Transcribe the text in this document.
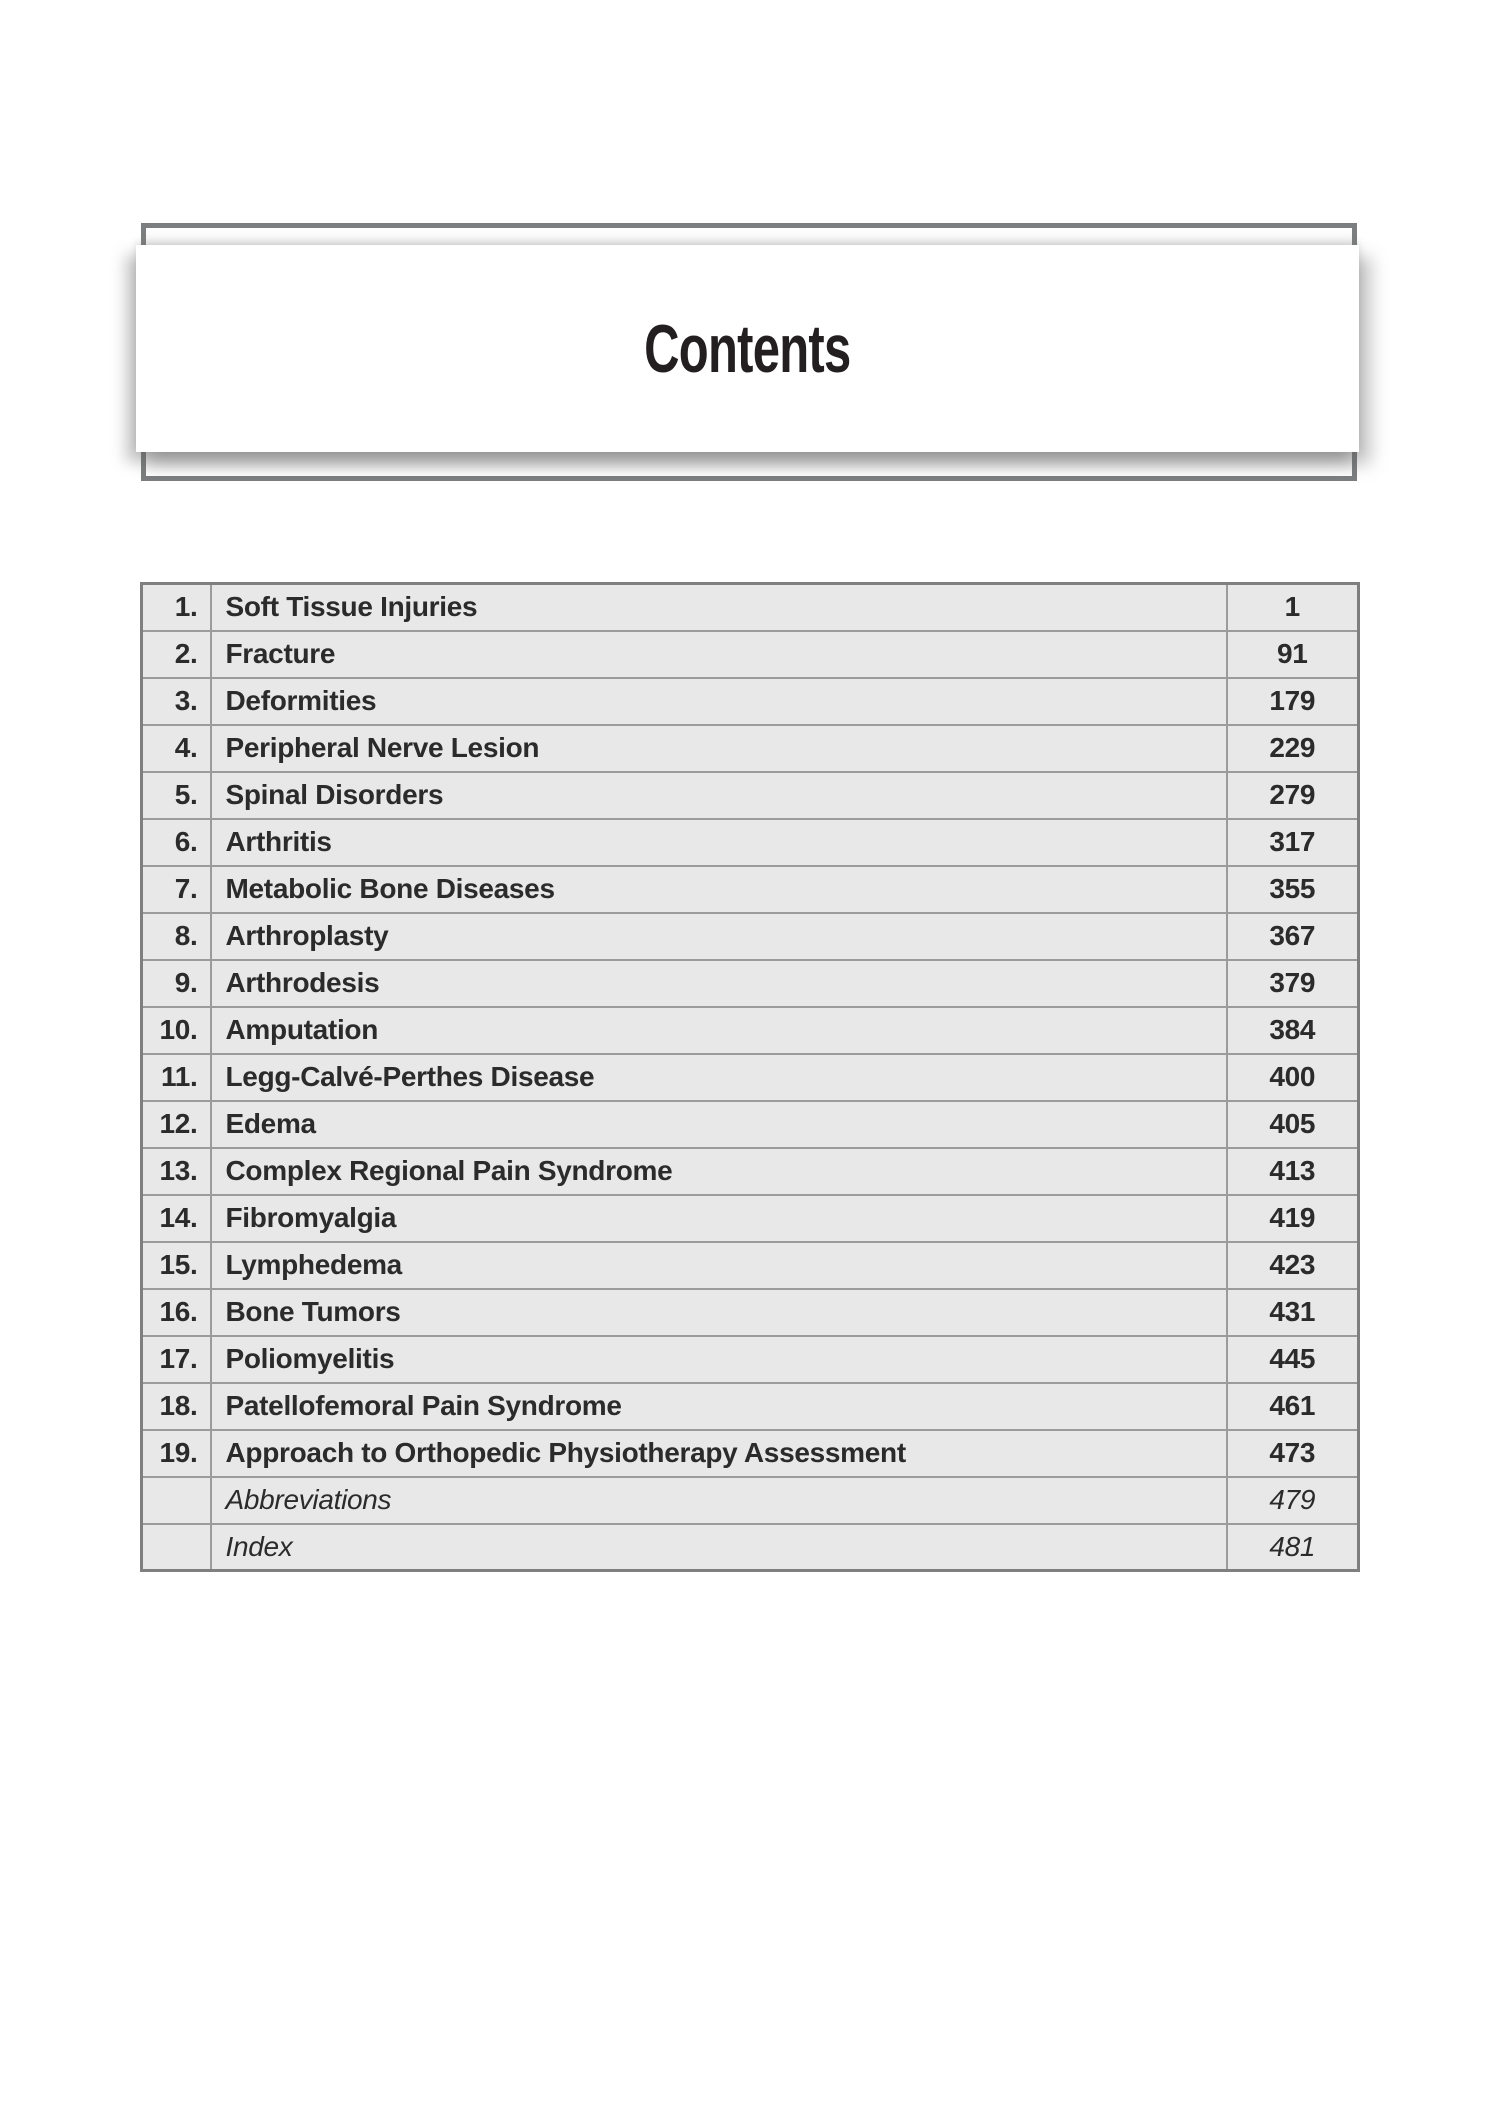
Contents
1.	Soft Tissue Injuries	1
2.	Fracture	91
3.	Deformities	179
4.	Peripheral Nerve Lesion	229
5.	Spinal Disorders	279
6.	Arthritis	317
7.	Metabolic Bone Diseases	355
8.	Arthroplasty	367
9.	Arthrodesis	379
10.	Amputation	384
11.	Legg-Calvé-Perthes Disease	400
12.	Edema	405
13.	Complex Regional Pain Syndrome	413
14.	Fibromyalgia	419
15.	Lymphedema	423
16.	Bone Tumors	431
17.	Poliomyelitis	445
18.	Patellofemoral Pain Syndrome	461
19.	Approach to Orthopedic Physiotherapy Assessment	473
	Abbreviations	479
	Index	481
